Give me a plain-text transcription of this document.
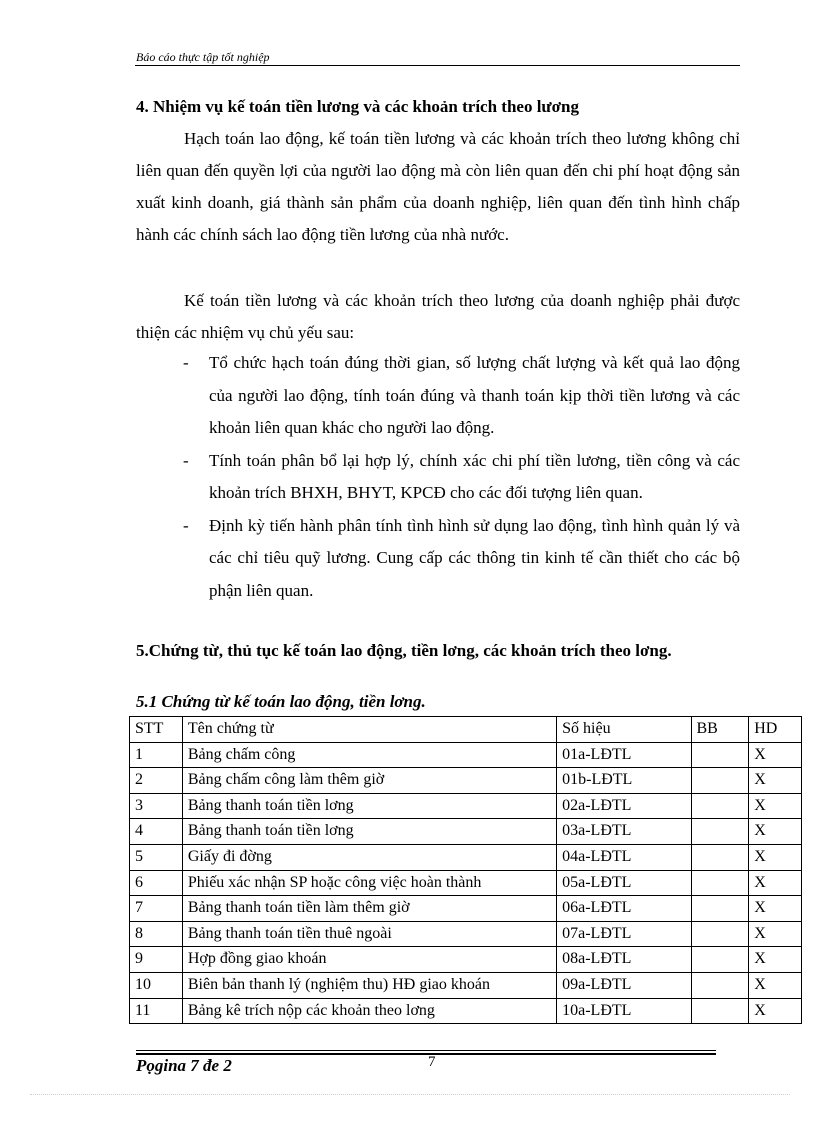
Báo cáo thực tập tốt nghiệp
4. Nhiệm vụ kế toán tiền lương và các khoản trích theo lương
Hạch toán lao động, kế toán tiền lương và các khoản trích theo lương không chỉ liên quan đến quyền lợi của người lao động mà còn liên quan đến chi phí hoạt động sản xuất kinh doanh, giá thành sản phẩm của doanh nghiệp, liên quan đến tình hình chấp hành các chính sách lao động tiền lương của nhà nước.
Kế toán tiền lương và các khoản trích theo lương của doanh nghiệp phải được thiện các nhiệm vụ chủ yếu sau:
- Tổ chức hạch toán đúng thời gian, số lượng chất lượng và kết quả lao động của người lao động, tính toán đúng và thanh toán kịp thời tiền lương và các khoản liên quan khác cho người lao động.
- Tính toán phân bổ lại hợp lý, chính xác chi phí tiền lương, tiền công và các khoản trích BHXH, BHYT, KPCĐ cho các đối tượng liên quan.
- Định kỳ tiến hành phân tính tình hình sử dụng lao động, tình hình quản lý và các chỉ tiêu quỹ lương. Cung cấp các thông tin kinh tế cần thiết cho các bộ phận liên quan.
5.Chứng từ, thủ tục kế toán lao động, tiền lơng, các khoản trích theo lơng.
5.1 Chứng từ kế toán lao động, tiền lơng.
STT	Tên chứng từ	Số hiệu	BB	HD
1	Bảng chấm công	01a-LĐTL		X
2	Bảng chấm công làm thêm giờ	01b-LĐTL		X
3	Bảng thanh toán tiền lơng	02a-LĐTL		X
4	Bảng thanh toán tiền lơng	03a-LĐTL		X
5	Giấy đi đờng	04a-LĐTL		X
6	Phiếu xác nhận SP hoặc công việc hoàn thành	05a-LĐTL		X
7	Bảng thanh toán tiền làm thêm giờ	06a-LĐTL		X
8	Bảng thanh toán tiền thuê ngoài	07a-LĐTL		X
9	Hợp đồng giao khoán	08a-LĐTL		X
10	Biên bản thanh lý (nghiệm thu) HĐ giao khoán	09a-LĐTL		X
11	Bảng kê trích nộp các khoản theo lơng	10a-LĐTL		X
Pọgina 7 đe 2	7
